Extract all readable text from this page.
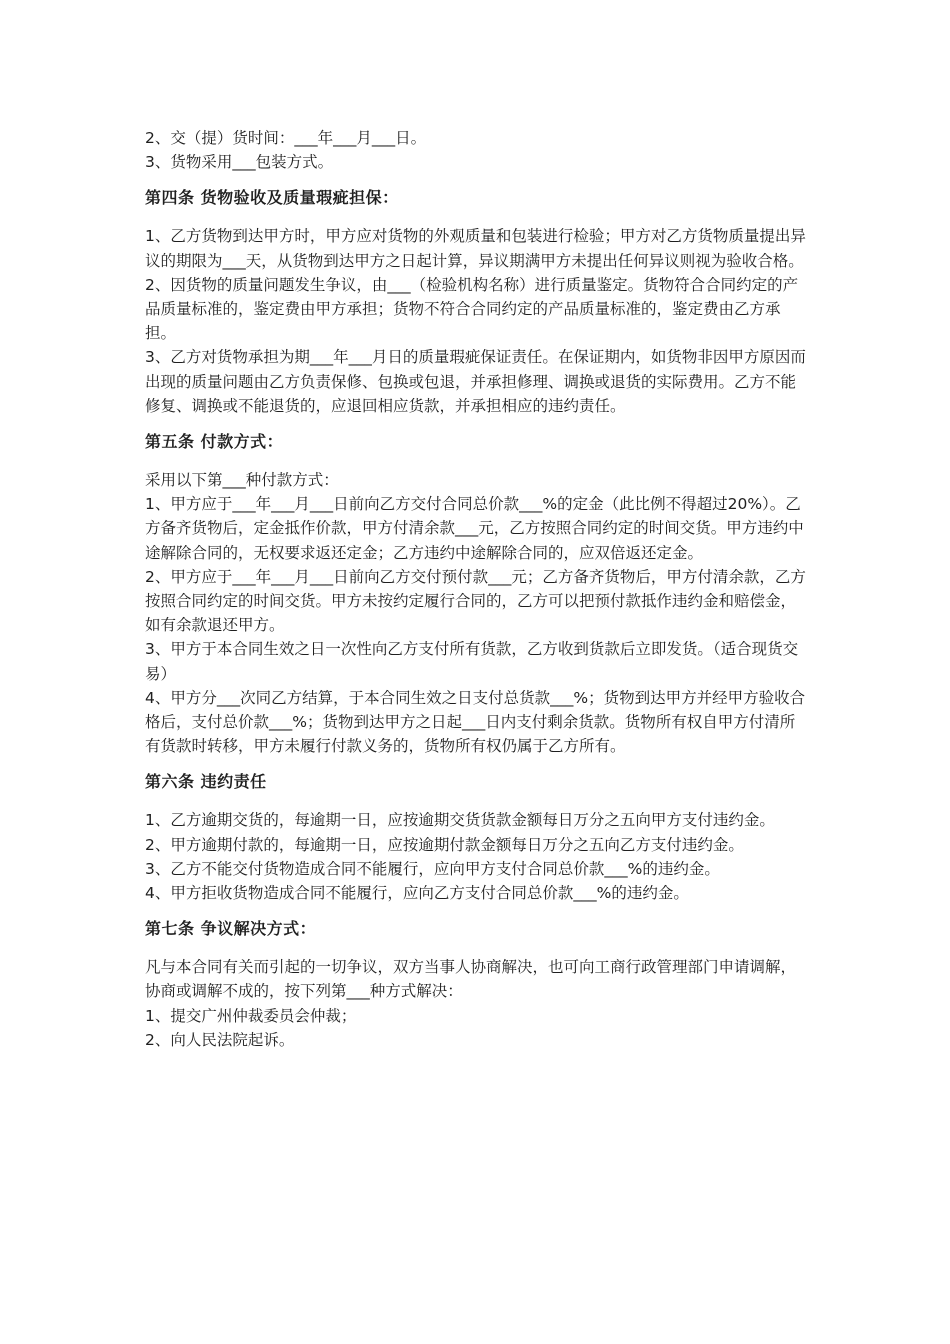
2、交（提）货时间：___年___月___日。

3、货物采用___包装方式。

第四条 货物验收及质量瑕疵担保：

1、乙方货物到达甲方时，甲方应对货物的外观质量和包装进行检验；甲方对乙方货物质量提出异议的期限为___天，从货物到达甲方之日起计算，异议期满甲方未提出任何异议则视为验收合格。

2、因货物的质量问题发生争议，由___（检验机构名称）进行质量鉴定。货物符合合同约定的产品质量标准的，鉴定费由甲方承担；货物不符合合同约定的产品质量标准的，鉴定费由乙方承担。

3、乙方对货物承担为期___年___月日的质量瑕疵保证责任。在保证期内，如货物非因甲方原因而出现的质量问题由乙方负责保修、包换或包退，并承担修理、调换或退货的实际费用。乙方不能修复、调换或不能退货的，应退回相应货款，并承担相应的违约责任。

第五条 付款方式：

采用以下第___种付款方式：

1、甲方应于___年___月___日前向乙方交付合同总价款___%的定金（此比例不得超过20%）。乙方备齐货物后，定金抵作价款，甲方付清余款___元，乙方按照合同约定的时间交货。甲方违约中途解除合同的，无权要求返还定金；乙方违约中途解除合同的，应双倍返还定金。

2、甲方应于___年___月___日前向乙方交付预付款___元；乙方备齐货物后，甲方付清余款，乙方按照合同约定的时间交货。甲方未按约定履行合同的，乙方可以把预付款抵作违约金和赔偿金，如有余款退还甲方。

3、甲方于本合同生效之日一次性向乙方支付所有货款，乙方收到货款后立即发货。（适合现货交易）

4、甲方分___次同乙方结算，于本合同生效之日支付总货款___%；货物到达甲方并经甲方验收合格后，支付总价款___%；货物到达甲方之日起___日内支付剩余货款。货物所有权自甲方付清所有货款时转移，甲方未履行付款义务的，货物所有权仍属于乙方所有。

第六条 违约责任

1、乙方逾期交货的，每逾期一日，应按逾期交货货款金额每日万分之五向甲方支付违约金。

2、甲方逾期付款的，每逾期一日，应按逾期付款金额每日万分之五向乙方支付违约金。

3、乙方不能交付货物造成合同不能履行，应向甲方支付合同总价款___%的违约金。

4、甲方拒收货物造成合同不能履行，应向乙方支付合同总价款___%的违约金。

第七条 争议解决方式：

凡与本合同有关而引起的一切争议，双方当事人协商解决，也可向工商行政管理部门申请调解，协商或调解不成的，按下列第___种方式解决：

1、提交广州仲裁委员会仲裁；

2、向人民法院起诉。
